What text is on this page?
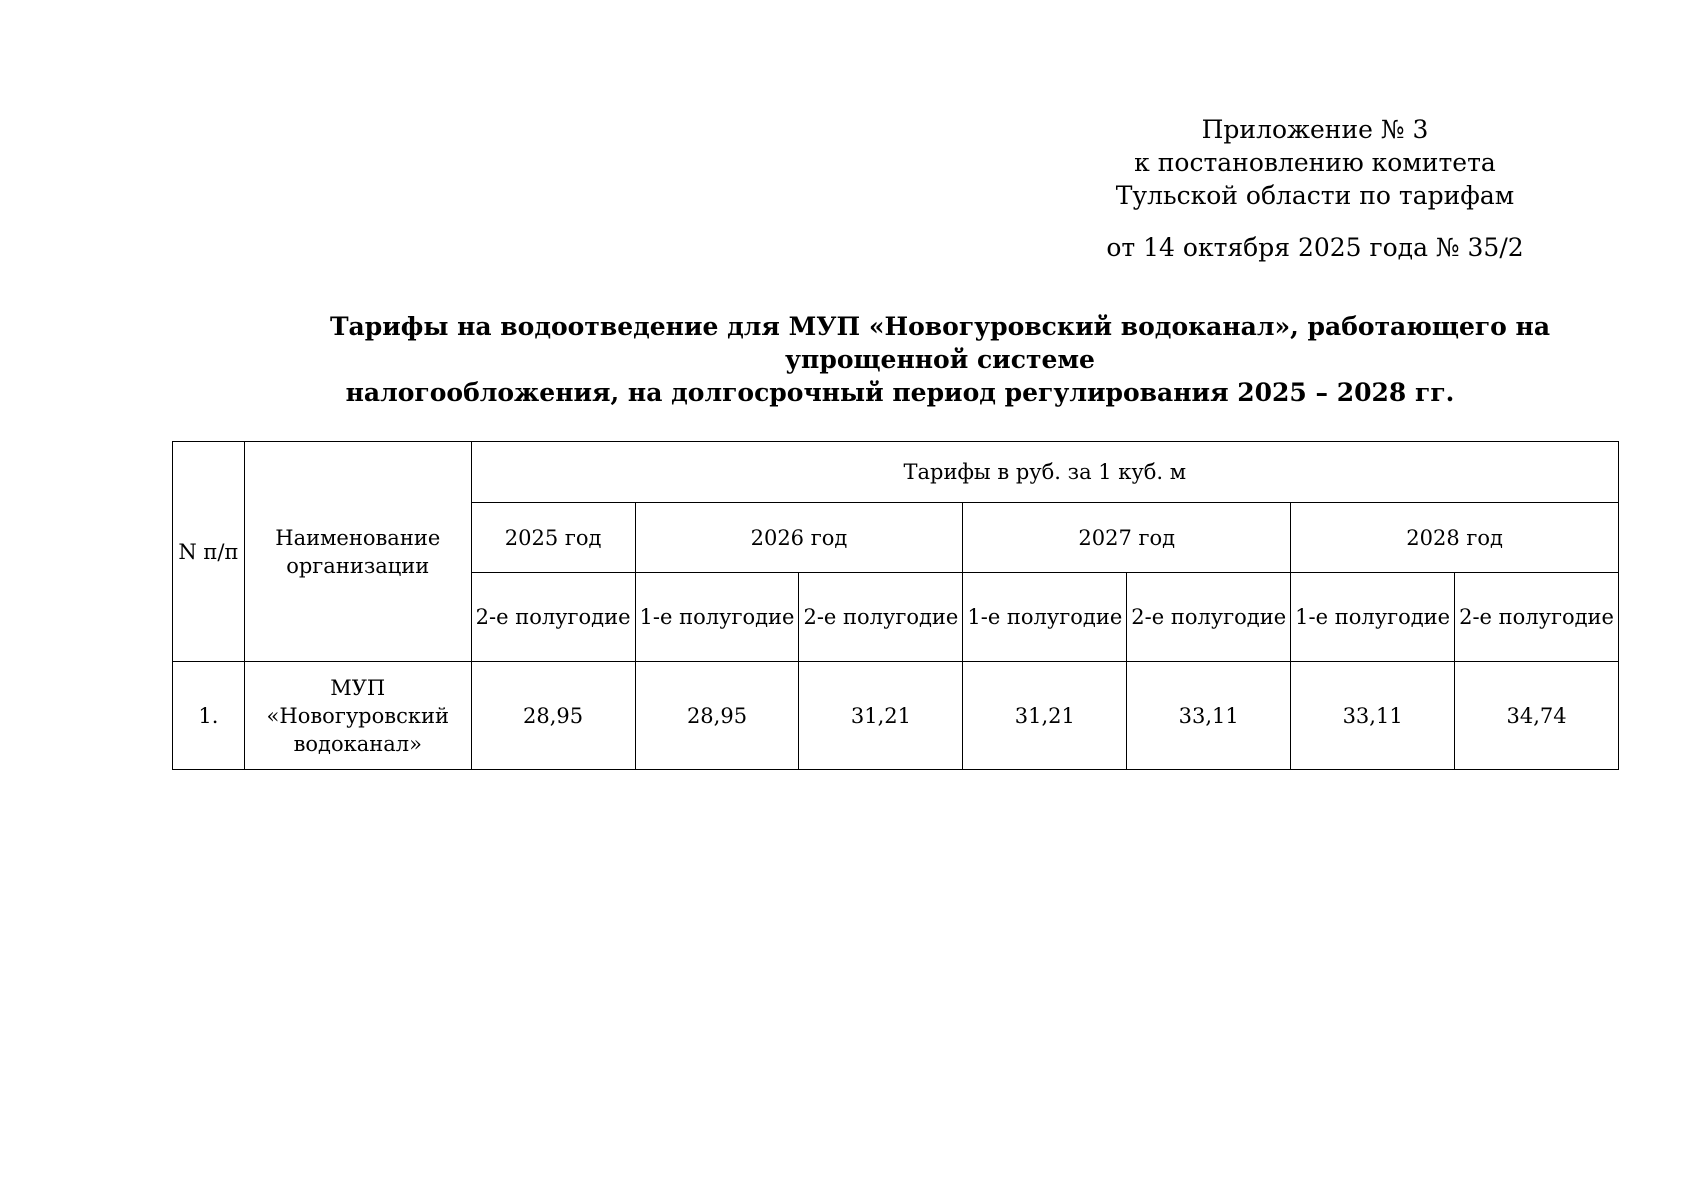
Приложение № 3
к постановлению комитета
Тульской области по тарифам
от 14 октября 2025 года № 35/2
Тарифы на водоотведение для МУП «Новогуровский водоканал», работающего на упрощенной системе
налогообложения, на долгосрочный период регулирования 2025 – 2028 гг.
N п/п	Наименование организации	Тарифы в руб. за 1 куб. м						
		2025 год	2026 год		2027 год		2028 год	
		2-е полугодие	1-е полугодие	2-е полугодие	1-е полугодие	2-е полугодие	1-е полугодие	2-е полугодие
1.	МУП
«Новогуровский
водоканал»	28,95	28,95	31,21	31,21	33,11	33,11	34,74
